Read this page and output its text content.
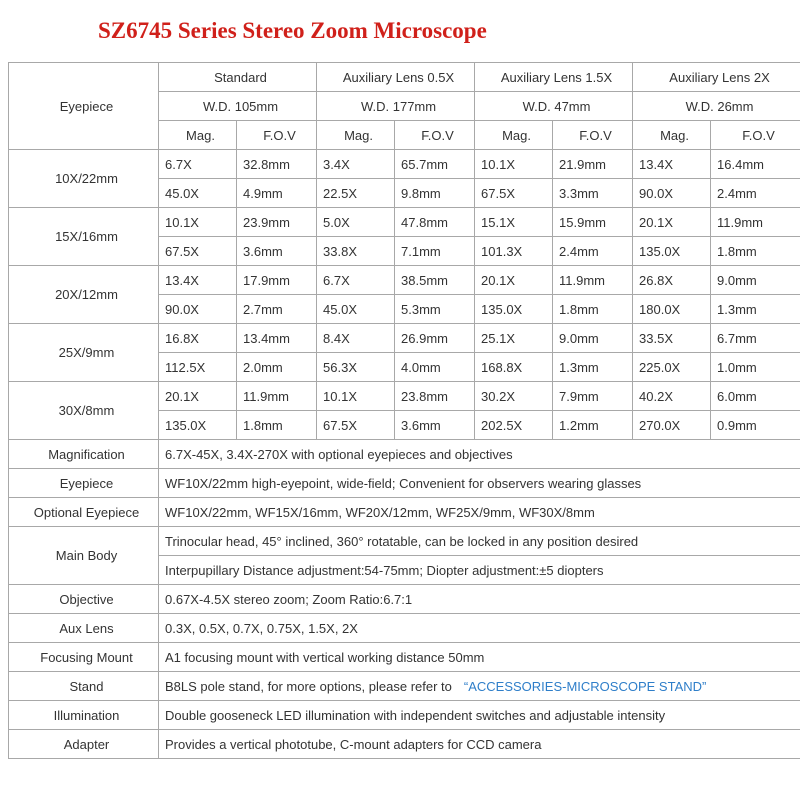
SZ6745 Series Stereo Zoom Microscope
Eyepiece	Standard		Auxiliary Lens 0.5X		Auxiliary Lens 1.5X		Auxiliary Lens 2X	
	W.D. 105mm		W.D. 177mm		W.D. 47mm		W.D. 26mm	
	Mag.	F.O.V	Mag.	F.O.V	Mag.	F.O.V	Mag.	F.O.V
10X/22mm	6.7X	32.8mm	3.4X	65.7mm	10.1X	21.9mm	13.4X	16.4mm
	45.0X	4.9mm	22.5X	9.8mm	67.5X	3.3mm	90.0X	2.4mm
15X/16mm	10.1X	23.9mm	5.0X	47.8mm	15.1X	15.9mm	20.1X	11.9mm
	67.5X	3.6mm	33.8X	7.1mm	101.3X	2.4mm	135.0X	1.8mm
20X/12mm	13.4X	17.9mm	6.7X	38.5mm	20.1X	11.9mm	26.8X	9.0mm
	90.0X	2.7mm	45.0X	5.3mm	135.0X	1.8mm	180.0X	1.3mm
25X/9mm	16.8X	13.4mm	8.4X	26.9mm	25.1X	9.0mm	33.5X	6.7mm
	112.5X	2.0mm	56.3X	4.0mm	168.8X	1.3mm	225.0X	1.0mm
30X/8mm	20.1X	11.9mm	10.1X	23.8mm	30.2X	7.9mm	40.2X	6.0mm
	135.0X	1.8mm	67.5X	3.6mm	202.5X	1.2mm	270.0X	0.9mm
Magnification	6.7X-45X, 3.4X-270X with optional eyepieces and objectives							
Eyepiece	WF10X/22mm high-eyepoint, wide-field; Convenient for observers wearing glasses							
Optional Eyepiece	WF10X/22mm, WF15X/16mm, WF20X/12mm, WF25X/9mm, WF30X/8mm							
Main Body	Trinocular head, 45° inclined, 360° rotatable, can be locked in any position desired							
	Interpupillary Distance adjustment:54-75mm; Diopter adjustment:±5 diopters							
Objective	0.67X-4.5X stereo zoom; Zoom Ratio:6.7:1							
Aux Lens	0.3X, 0.5X, 0.7X, 0.75X, 1.5X, 2X							
Focusing Mount	A1 focusing mount with vertical working distance 50mm							
Stand	B8LS pole stand, for more options, please refer to “ACCESSORIES-MICROSCOPE STAND”							
Illumination	Double gooseneck LED illumination with independent switches and adjustable intensity							
Adapter	Provides a vertical phototube, C-mount adapters for CCD camera							
